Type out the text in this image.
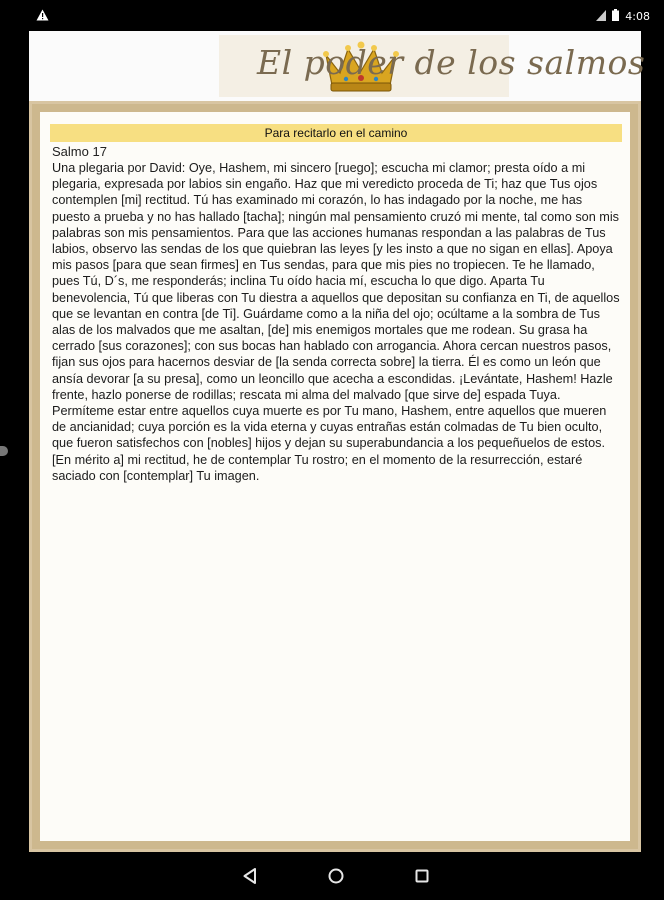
4:08
El poder de los salmos
Para recitarlo en el camino
Salmo 17
Una plegaria por David: Oye, Hashem, mi sincero [ruego]; escucha mi clamor; presta oído a mi plegaria, expresada por labios sin engaño. Haz que mi veredicto proceda de Ti; haz que Tus ojos contemplen [mi] rectitud. Tú has examinado mi corazón, lo has indagado por la noche, me has puesto a prueba y no has hallado [tacha]; ningún mal pensamiento cruzó mi mente, tal como son mis palabras son mis pensamientos. Para que las acciones humanas respondan a las palabras de Tus labios, observo las sendas de los que quiebran las leyes [y les insto a que no sigan en ellas]. Apoya mis pasos [para que sean firmes] en Tus sendas, para que mis pies no tropiecen. Te he llamado, pues Tú, D´s, me responderás; inclina Tu oído hacia mí, escucha lo que digo. Aparta Tu benevolencia, Tú que liberas con Tu diestra a aquellos que depositan su confianza en Ti, de aquellos que se levantan en contra [de Ti]. Guárdame como a la niña del ojo; ocúltame a la sombra de Tus alas de los malvados que me asaltan, [de] mis enemigos mortales que me rodean. Su grasa ha cerrado [sus corazones]; con sus bocas han hablado con arrogancia. Ahora cercan nuestros pasos, fijan sus ojos para hacernos desviar de [la senda correcta sobre] la tierra. Él es como un león que ansía devorar [a su presa], como un leoncillo que acecha a escondidas. ¡Levántate, Hashem! Hazle frente, hazlo ponerse de rodillas; rescata mi alma del malvado [que sirve de] espada Tuya. Permíteme estar entre aquellos cuya muerte es por Tu mano, Hashem, entre aquellos que mueren de ancianidad; cuya porción es la vida eterna y cuyas entrañas están colmadas de Tu bien oculto, que fueron satisfechos con [nobles] hijos y dejan su superabundancia a los pequeñuelos de estos. [En mérito a] mi rectitud, he de contemplar Tu rostro; en el momento de la resurrección, estaré saciado con [contemplar] Tu imagen.
